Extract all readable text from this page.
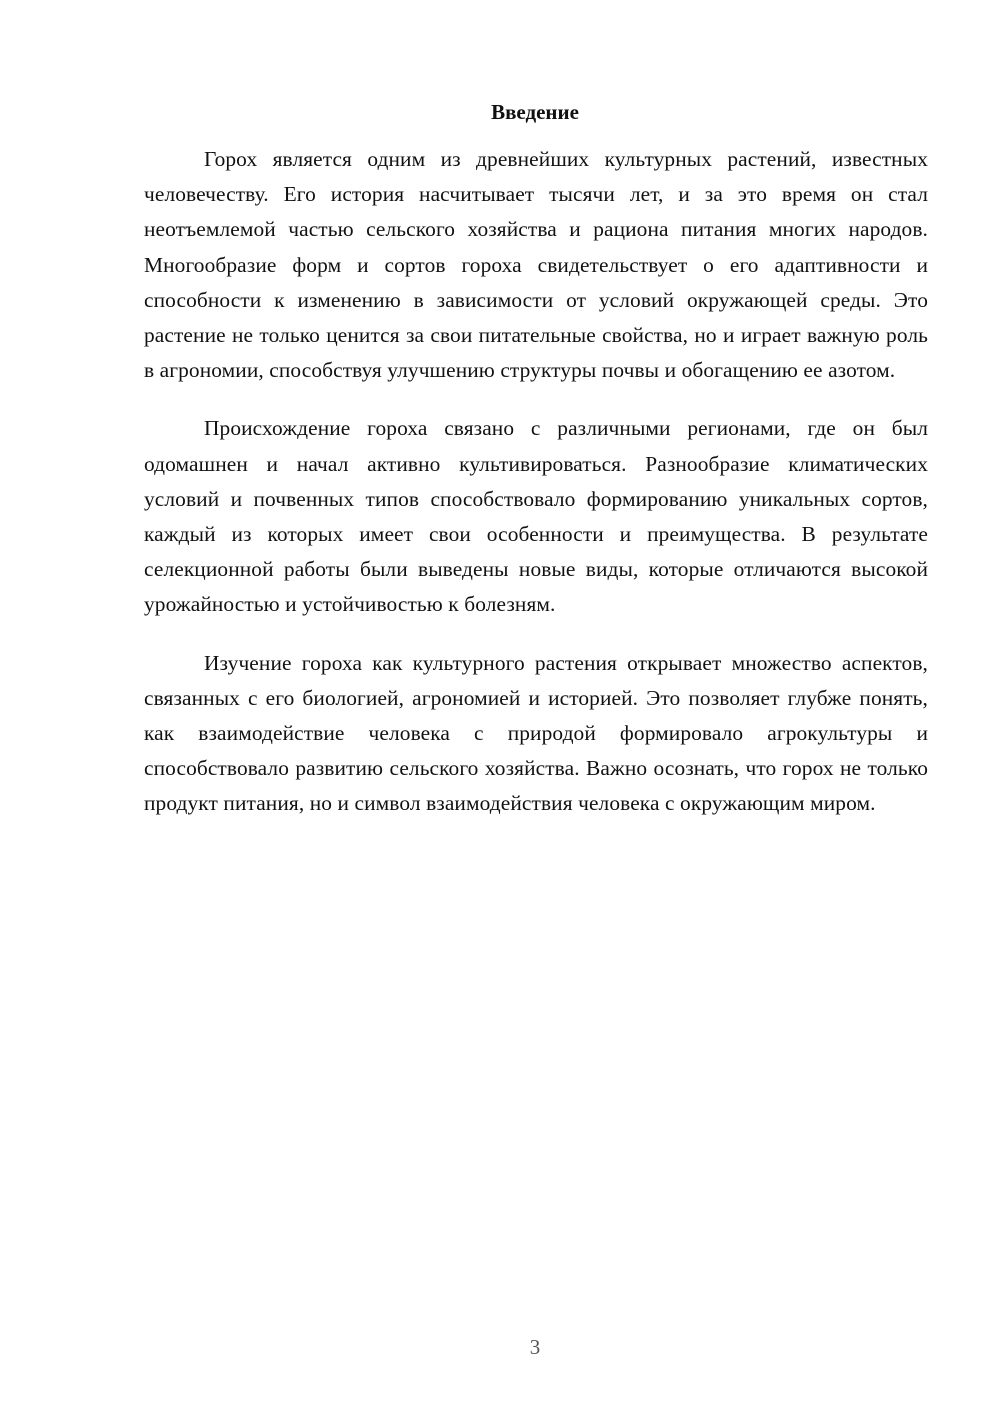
Введение

Горох является одним из древнейших культурных растений, известных человечеству. Его история насчитывает тысячи лет, и за это время он стал неотъемлемой частью сельского хозяйства и рациона питания многих народов. Многообразие форм и сортов гороха свидетельствует о его адаптивности и способности к изменению в зависимости от условий окружающей среды. Это растение не только ценится за свои питательные свойства, но и играет важную роль в агрономии, способствуя улучшению структуры почвы и обогащению ее азотом.

Происхождение гороха связано с различными регионами, где он был одомашнен и начал активно культивироваться. Разнообразие климатических условий и почвенных типов способствовало формированию уникальных сортов, каждый из которых имеет свои особенности и преимущества. В результате селекционной работы были выведены новые виды, которые отличаются высокой урожайностью и устойчивостью к болезням.

Изучение гороха как культурного растения открывает множество аспектов, связанных с его биологией, агрономией и историей. Это позволяет глубже понять, как взаимодействие человека с природой формировало агрокультуры и способствовало развитию сельского хозяйства. Важно осознать, что горох не только продукт питания, но и символ взаимодействия человека с окружающим миром.

3
